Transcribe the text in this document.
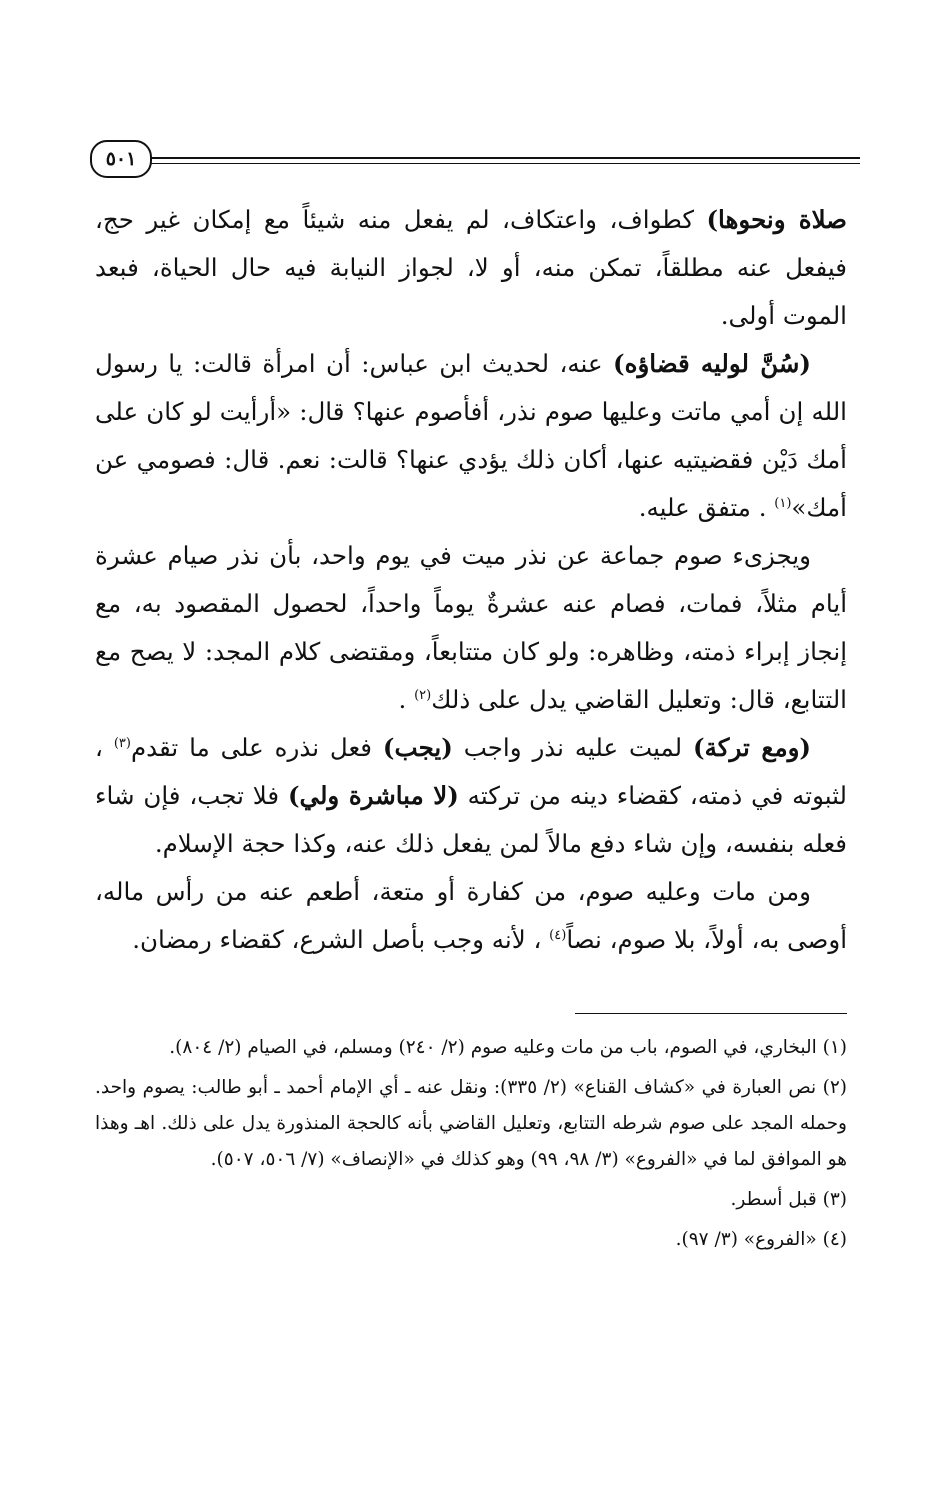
٥٠١

صلاة ونحوها) كطواف، واعتكاف، لم يفعل منه شيئاً مع إمكان غير حج، فيفعل عنه مطلقاً، تمكن منه، أو لا، لجواز النيابة فيه حال الحياة، فبعد الموت أولى.

(سُنَّ لوليه قضاؤه) عنه، لحديث ابن عباس: أن امرأة قالت: يا رسول الله إن أمي ماتت وعليها صوم نذر، أفأصوم عنها؟ قال: «أرأيت لو كان على أمك دَيْن فقضيتيه عنها، أكان ذلك يؤدي عنها؟ قالت: نعم. قال: فصومي عن أمك»$^{(١)}$ . متفق عليه.

ويجزىء صوم جماعة عن نذر ميت في يوم واحد، بأن نذر صيام عشرة أيام مثلاً، فمات، فصام عنه عشرةٌ يوماً واحداً، لحصول المقصود به، مع إنجاز إبراء ذمته، وظاهره: ولو كان متتابعاً، ومقتضى كلام المجد: لا يصح مع التتابع، قال: وتعليل القاضي يدل على ذلك$^{(٢)}$ .

(ومع تركة) لميت عليه نذر واجب (يجب) فعل نذره على ما تقدم$^{(٣)}$ ، لثبوته في ذمته، كقضاء دينه من تركته (لا مباشرة ولي) فلا تجب، فإن شاء فعله بنفسه، وإن شاء دفع مالاً لمن يفعل ذلك عنه، وكذا حجة الإسلام.

ومن مات وعليه صوم، من كفارة أو متعة، أطعم عنه من رأس ماله، أوصى به، أولاً، بلا صوم، نصاً$^{(٤)}$ ، لأنه وجب بأصل الشرع، كقضاء رمضان.

(١) البخاري، في الصوم، باب من مات وعليه صوم (٢/ ٢٤٠) ومسلم، في الصيام (٢/ ٨٠٤).

(٢) نص العبارة في «كشاف القناع» (٢/ ٣٣٥): ونقل عنه ـ أي الإمام أحمد ـ أبو طالب: يصوم واحد. وحمله المجد على صوم شرطه التتابع، وتعليل القاضي بأنه كالحجة المنذورة يدل على ذلك. اهـ وهذا هو الموافق لما في «الفروع» (٣/ ٩٨، ٩٩) وهو كذلك في «الإنصاف» (٧/ ٥٠٦، ٥٠٧).

(٣) قبل أسطر.

(٤) «الفروع» (٣/ ٩٧).
